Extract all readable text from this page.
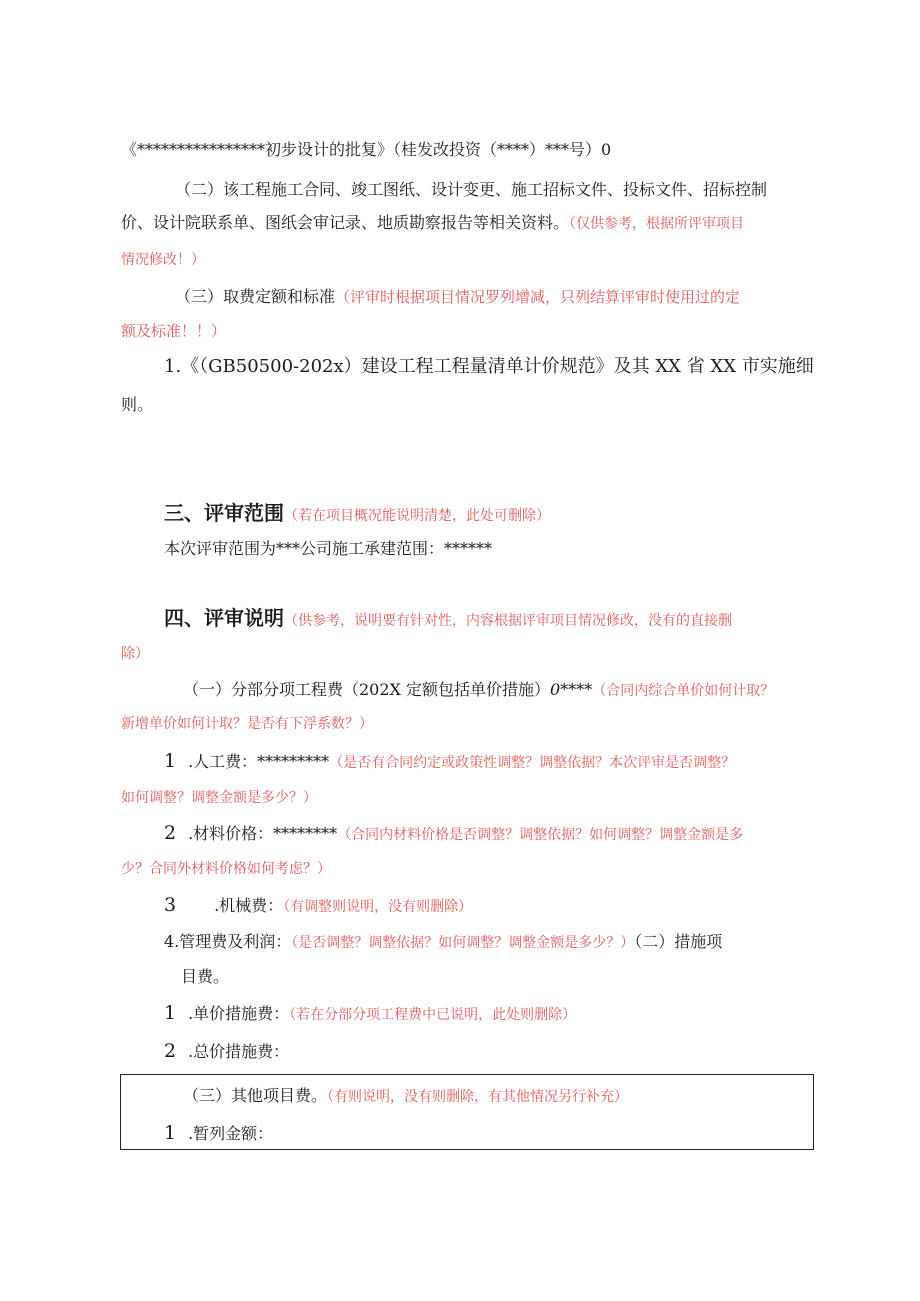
《****************初步设计的批复》（桂发改投资（****）***号）0
（二）该工程施工合同、竣工图纸、设计变更、施工招标文件、投标文件、招标控制
价、设计院联系单、图纸会审记录、地质勘察报告等相关资料。（仅供参考，根据所评审项目
情况修改！）
（三）取费定额和标准（评审时根据项目情况罗列增减，只列结算评审时使用过的定
额及标准！！）
1.《（GB50500-202x）建设工程工程量清单计价规范》及其 XX 省 XX 市实施细
则。
三、评审范围（若在项目概况能说明清楚，此处可删除）
本次评审范围为***公司施工承建范围：******
四、评审说明（供参考，说明要有针对性，内容根据评审项目情况修改，没有的直接删
除）
（一）分部分项工程费（202X 定额包括单价措施）0****（合同内综合单价如何计取？
新增单价如何计取？是否有下浮系数？）
1 .人工费：*********（是否有合同约定或政策性调整？调整依据？本次评审是否调整？
如何调整？调整金额是多少？）
2 .材料价格：********（合同内材料价格是否调整？调整依据？如何调整？调整金额是多
少？合同外材料价格如何考虑？）
3 .机械费：（有调整则说明，没有则删除）
4.管理费及利润：（是否调整？调整依据？如何调整？调整金额是多少？）（二）措施项
目费。
1 .单价措施费：（若在分部分项工程费中已说明，此处则删除）
2 .总价措施费：
（三）其他项目费。（有则说明，没有则删除，有其他情况另行补充）
1 .暂列金额：
